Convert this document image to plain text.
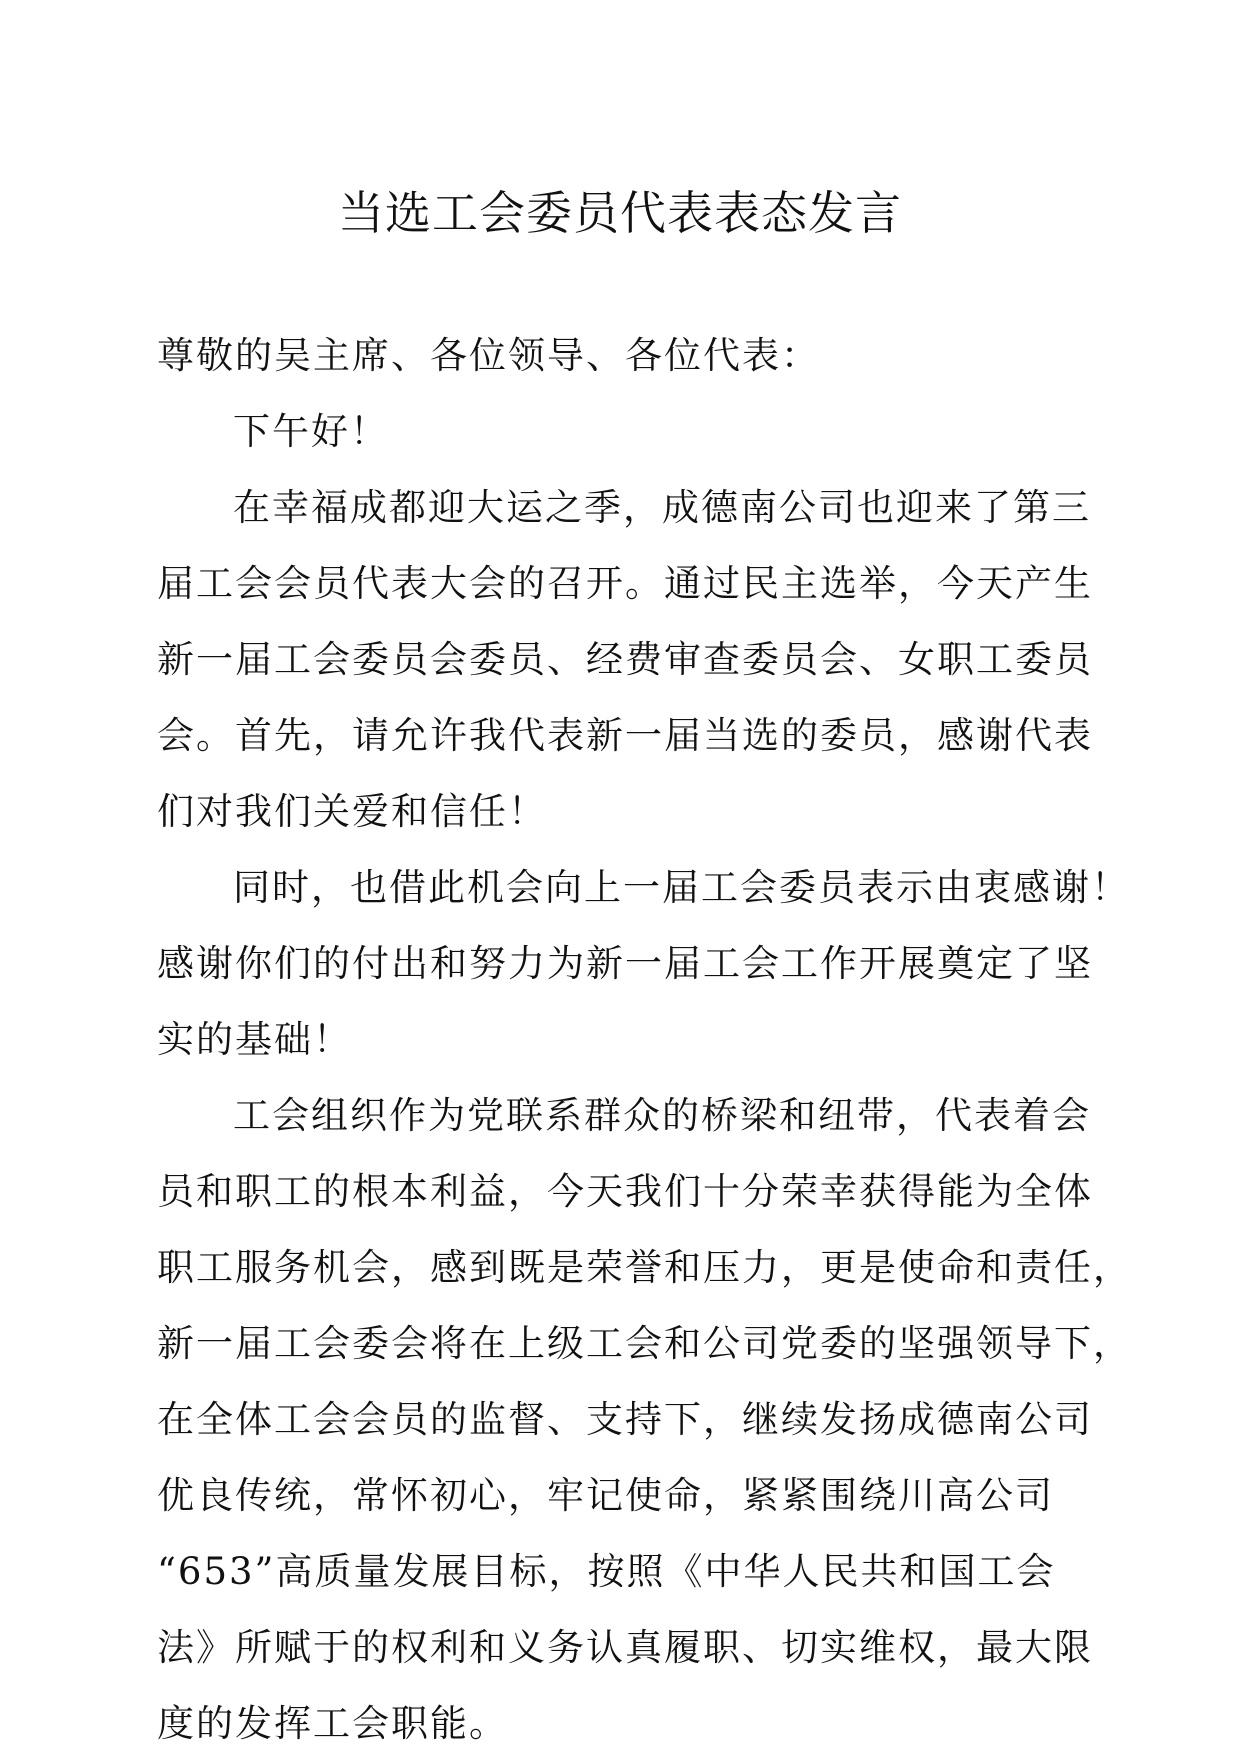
当选工会委员代表表态发言
尊敬的吴主席、各位领导、各位代表：
下午好！
在幸福成都迎大运之季，成德南公司也迎来了第三
届工会会员代表大会的召开。通过民主选举，今天产生
新一届工会委员会委员、经费审查委员会、女职工委员
会。首先，请允许我代表新一届当选的委员，感谢代表
们对我们关爱和信任！
同时，也借此机会向上一届工会委员表示由衷感谢！
感谢你们的付出和努力为新一届工会工作开展奠定了坚
实的基础！
工会组织作为党联系群众的桥梁和纽带，代表着会
员和职工的根本利益，今天我们十分荣幸获得能为全体
职工服务机会，感到既是荣誉和压力，更是使命和责任，
新一届工会委会将在上级工会和公司党委的坚强领导下，
在全体工会会员的监督、支持下，继续发扬成德南公司
优良传统，常怀初心，牢记使命，紧紧围绕川高公司
“653”高质量发展目标，按照《中华人民共和国工会
法》所赋于的权利和义务认真履职、切实维权，最大限
度的发挥工会职能。
